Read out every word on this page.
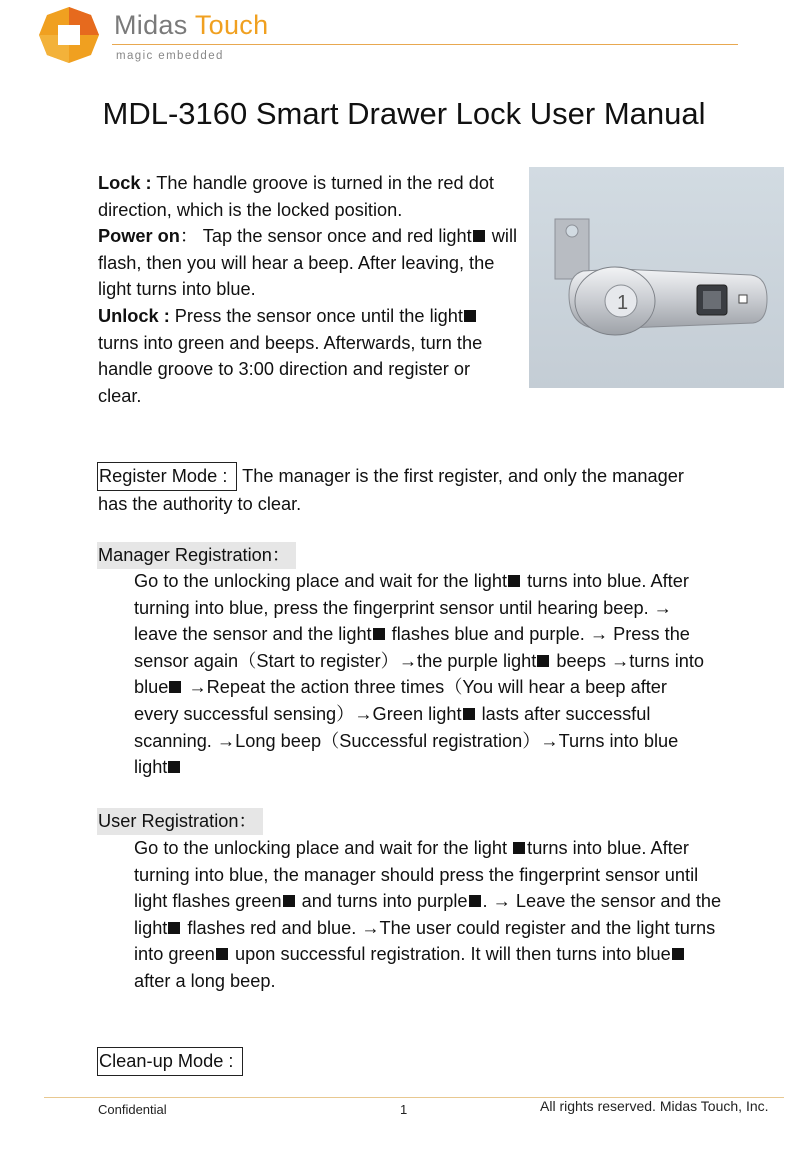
Midas Touch
magic embedded
MDL-3160 Smart Drawer Lock User Manual
Lock : The handle groove is turned in the red dot direction, which is the locked position.
Power on： Tap the sensor once and red light will flash, then you will hear a beep. After leaving, the light turns into blue.
Unlock : Press the sensor once until the light turns into green and beeps. Afterwards, turn the handle groove to 3:00 direction and register or clear.
1
Register Mode : The manager is the first register, and only the manager has the authority to clear.
Manager Registration：
Go to the unlocking place and wait for the light turns into blue. After turning into blue, press the fingerprint sensor until hearing beep. → leave the sensor and the light flashes blue and purple. → Press the sensor again（Start to register）→the purple light beeps →turns into blue →Repeat the action three times（You will hear a beep after every successful sensing）→Green light lasts after successful scanning. →Long beep（Successful registration）→Turns into blue light
User Registration：
Go to the unlocking place and wait for the light turns into blue. After turning into blue, the manager should press the fingerprint sensor until light flashes green and turns into purple . → Leave the sensor and the light flashes red and blue. →The user could register and the light turns into green upon successful registration. It will then turns into blue after a long beep.
Clean-up Mode :
Confidential	1	All rights reserved. Midas Touch, Inc.
